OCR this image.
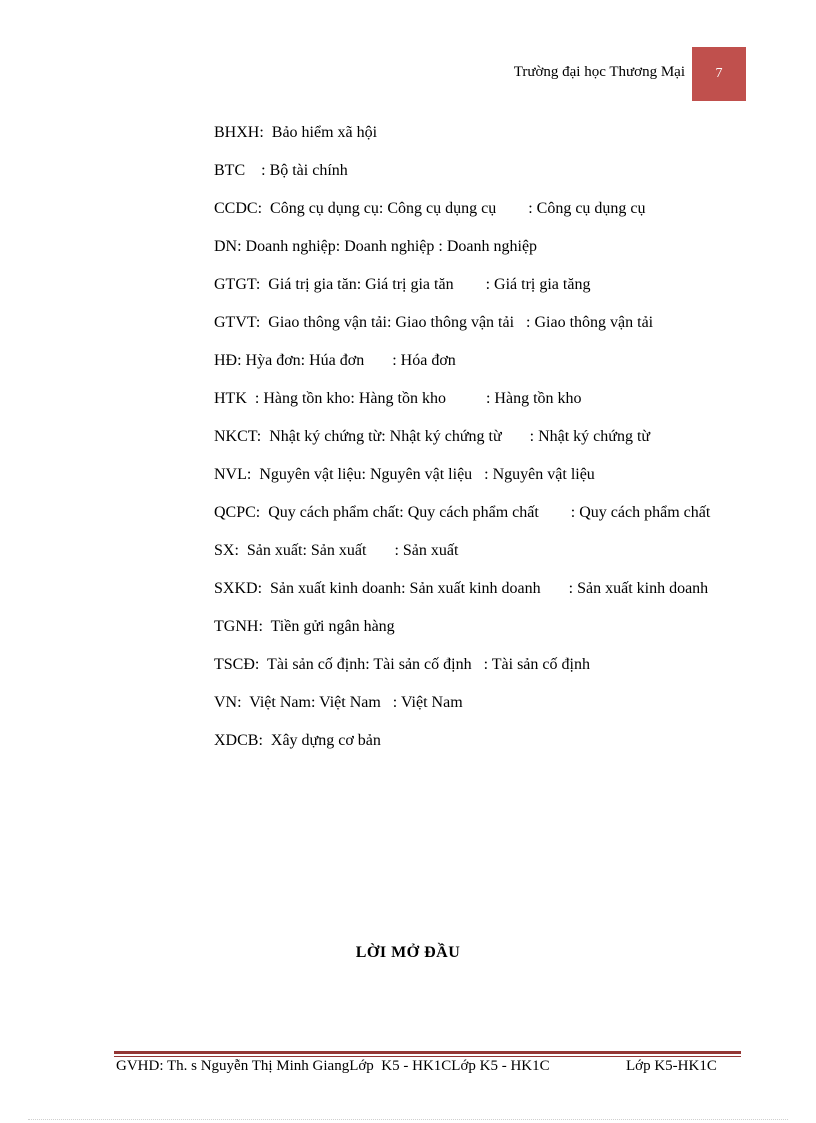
Trường đại học Thương Mại 7

BHXH:  Bảo hiểm xã hội

BTC    : Bộ tài chính

CCDC:  Công cụ dụng cụ: Công cụ dụng cụ        : Công cụ dụng cụ

DN: Doanh nghiệp: Doanh nghiệp : Doanh nghiệp

GTGT:  Giá trị gia tăn: Giá trị gia tăn        : Giá trị gia tăng

GTVT:  Giao thông vận tải: Giao thông vận tải   : Giao thông vận tải

HĐ: Hỳa đơn: Húa đơn       : Hóa đơn

HTK  : Hàng tồn kho: Hàng tồn kho          : Hàng tồn kho

NKCT:  Nhật ký chứng từ: Nhật ký chứng từ       : Nhật ký chứng từ

NVL:  Nguyên vật liệu: Nguyên vật liệu   : Nguyên vật liệu

QCPC:  Quy cách phẩm chất: Quy cách phẩm chất        : Quy cách phẩm chất

SX:  Sản xuất: Sản xuất       : Sản xuất

SXKD:  Sản xuất kinh doanh: Sản xuất kinh doanh       : Sản xuất kinh doanh

TGNH:  Tiền gửi ngân hàng

TSCĐ:  Tài sản cố định: Tài sản cố định   : Tài sản cố định

VN:  Việt Nam: Việt Nam   : Việt Nam

XDCB:  Xây dựng cơ bản

LỜI MỞ ĐẦU
GVHD: Th. s Nguyễn Thị Minh GiangLớp  K5 - HK1CLớp K5 - HK1C	Lớp K5-HK1C
